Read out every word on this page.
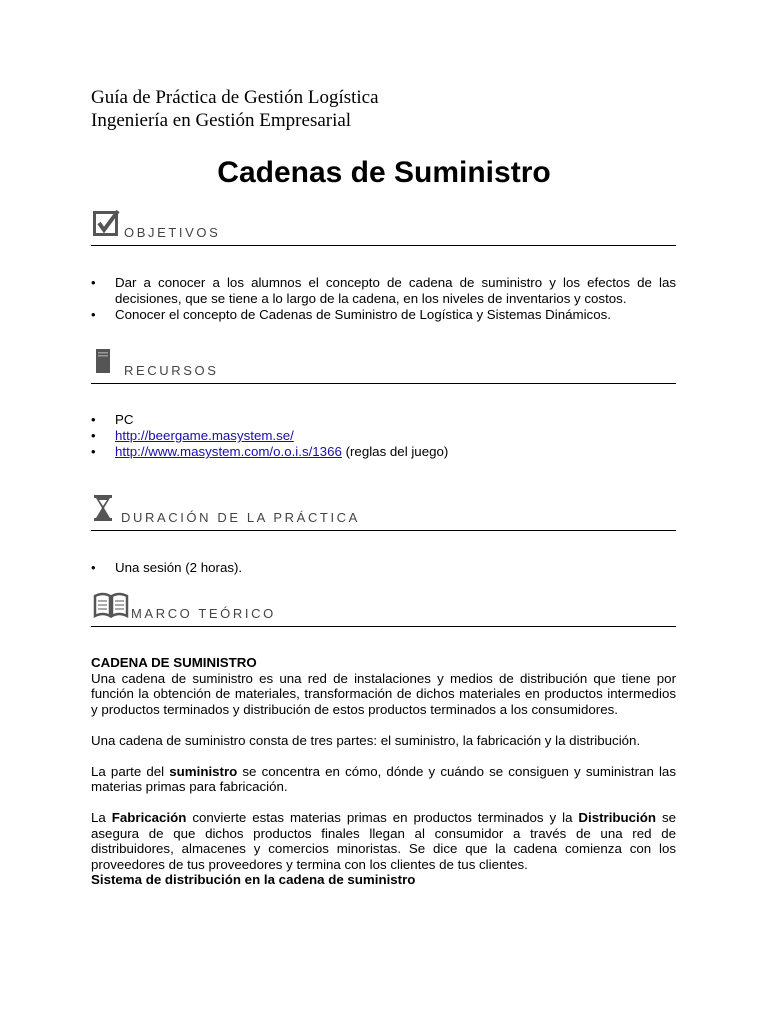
Guía de Práctica de Gestión Logística
Ingeniería en Gestión Empresarial
Cadenas de Suministro
OBJETIVOS
• Dar a conocer a los alumnos el concepto de cadena de suministro y los efectos de las decisiones, que se tiene a lo largo de la cadena, en los niveles de inventarios y costos.
• Conocer el concepto de Cadenas de Suministro de Logística y Sistemas Dinámicos.
RECURSOS
• PC
• http://beergame.masystem.se/
• http://www.masystem.com/o.o.i.s/1366 (reglas del juego)
DURACIÓN DE LA PRÁCTICA
• Una sesión (2 horas).
MARCO TEÓRICO

CADENA DE SUMINISTRO

Una cadena de suministro es una red de instalaciones y medios de distribución que tiene por función la obtención de materiales, transformación de dichos materiales en productos intermedios y productos terminados y distribución de estos productos terminados a los consumidores.

Una cadena de suministro consta de tres partes: el suministro, la fabricación y la distribución.

La parte del suministro se concentra en cómo, dónde y cuándo se consiguen y suministran las materias primas para fabricación.

La Fabricación convierte estas materias primas en productos terminados y la Distribución se asegura de que dichos productos finales llegan al consumidor a través de una red de distribuidores, almacenes y comercios minoristas. Se dice que la cadena comienza con los proveedores de tus proveedores y termina con los clientes de tus clientes.

Sistema de distribución en la cadena de suministro
